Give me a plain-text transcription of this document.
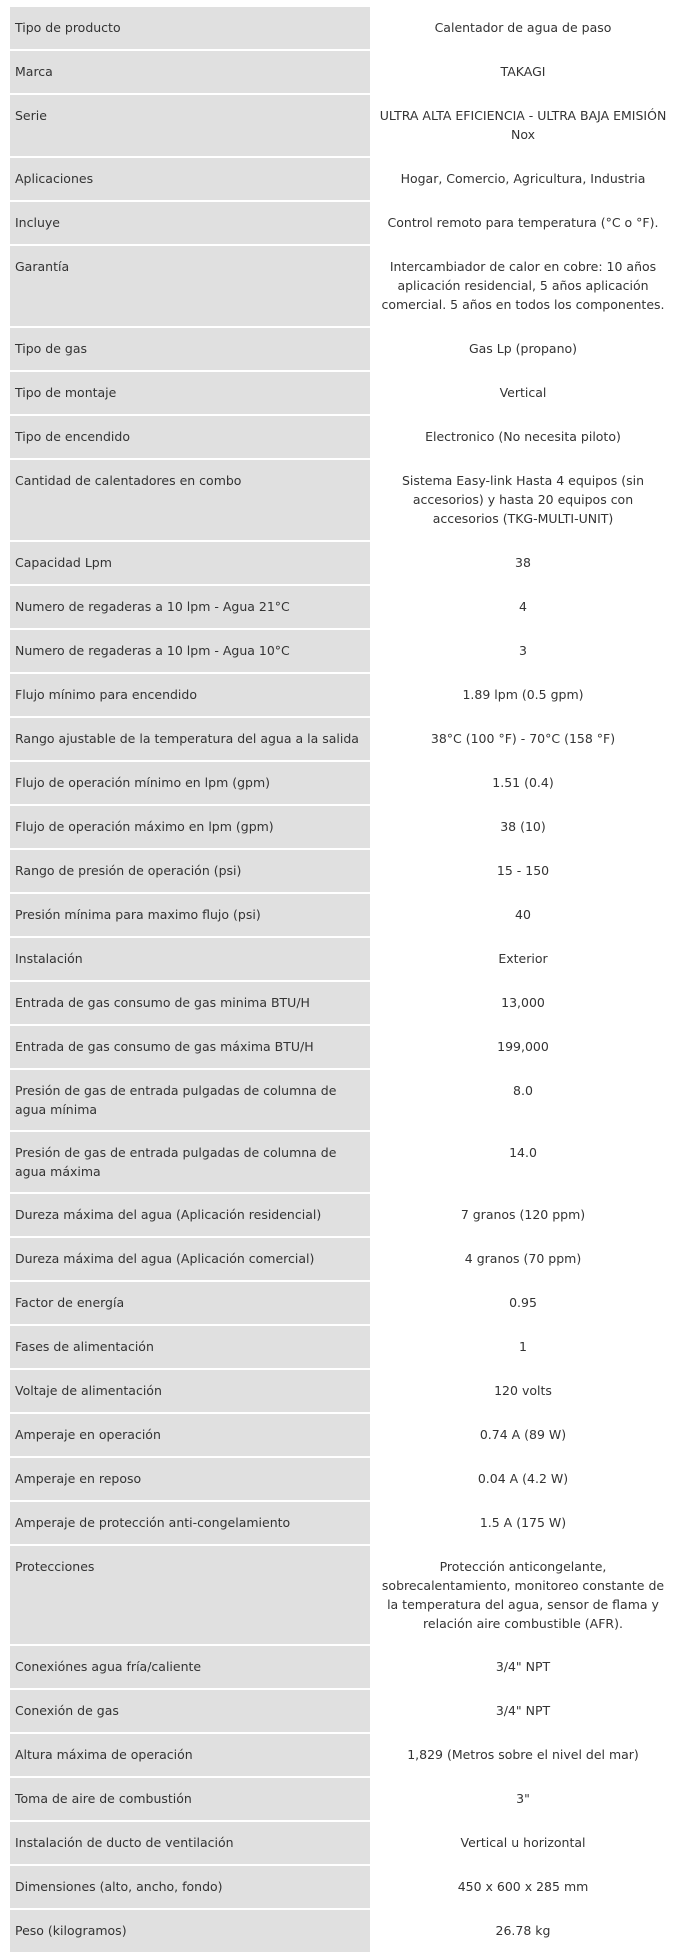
Tipo de producto	Calentador de agua de paso
Marca	TAKAGI
Serie	ULTRA ALTA EFICIENCIA - ULTRA BAJA EMISIÓN Nox
Aplicaciones	Hogar, Comercio, Agricultura, Industria
Incluye	Control remoto para temperatura (°C o °F).
Garantía	Intercambiador de calor en cobre: 10 años aplicación residencial, 5 años aplicación comercial. 5 años en todos los componentes.
Tipo de gas	Gas Lp (propano)
Tipo de montaje	Vertical
Tipo de encendido	Electronico (No necesita piloto)
Cantidad de calentadores en combo	Sistema Easy-link Hasta 4 equipos (sin accesorios) y hasta 20 equipos con accesorios (TKG-MULTI-UNIT)
Capacidad Lpm	38
Numero de regaderas a 10 lpm - Agua 21°C	4
Numero de regaderas a 10 lpm - Agua 10°C	3
Flujo mínimo para encendido	1.89 lpm (0.5 gpm)
Rango ajustable de la temperatura del agua a la salida	38°C (100 °F) - 70°C (158 °F)
Flujo de operación mínimo en lpm (gpm)	1.51 (0.4)
Flujo de operación máximo en lpm (gpm)	38 (10)
Rango de presión de operación (psi)	15 - 150
Presión mínima para maximo flujo (psi)	40
Instalación	Exterior
Entrada de gas consumo de gas minima BTU/H	13,000
Entrada de gas consumo de gas máxima BTU/H	199,000
Presión de gas de entrada pulgadas de columna de agua mínima	8.0
Presión de gas de entrada pulgadas de columna de agua máxima	14.0
Dureza máxima del agua (Aplicación residencial)	7 granos (120 ppm)
Dureza máxima del agua (Aplicación comercial)	4 granos (70 ppm)
Factor de energía	0.95
Fases de alimentación	1
Voltaje de alimentación	120 volts
Amperaje en operación	0.74 A (89 W)
Amperaje en reposo	0.04 A (4.2 W)
Amperaje de protección anti-congelamiento	1.5 A (175 W)
Protecciones	Protección anticongelante, sobrecalentamiento, monitoreo constante de la temperatura del agua, sensor de flama y relación aire combustible (AFR).
Conexiónes agua fría/caliente	3/4" NPT
Conexión de gas	3/4" NPT
Altura máxima de operación	1,829 (Metros sobre el nivel del mar)
Toma de aire de combustión	3"
Instalación de ducto de ventilación	Vertical u horizontal
Dimensiones (alto, ancho, fondo)	450 x 600 x 285 mm
Peso (kilogramos)	26.78 kg
